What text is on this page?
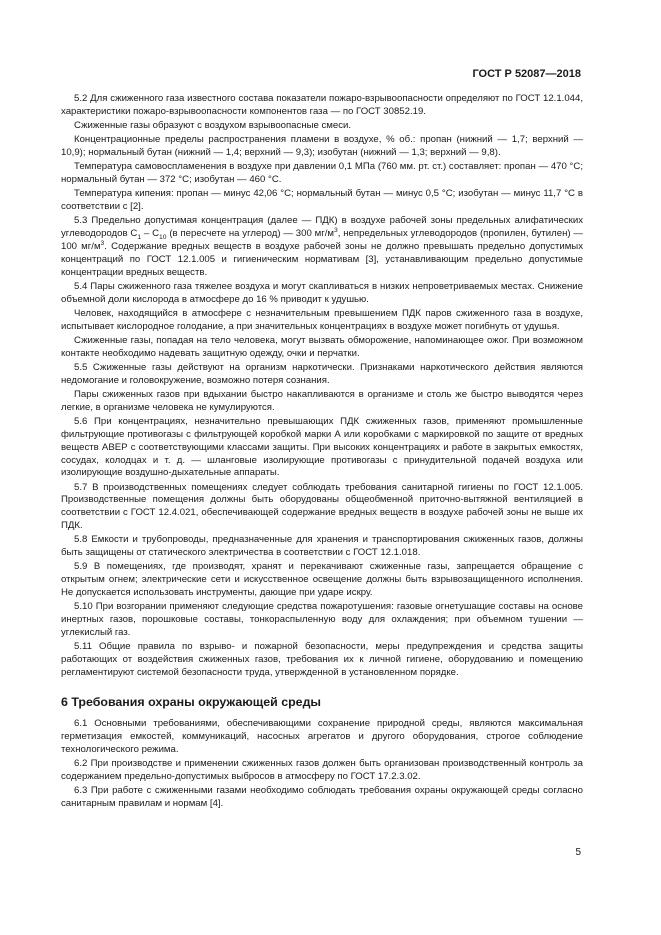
ГОСТ Р 52087—2018

5.2 Для сжиженного газа известного состава показатели пожаро-взрывоопасности определяют по ГОСТ 12.1.044, характеристики пожаро-взрывоопасности компонентов газа — по ГОСТ 30852.19.

Сжиженные газы образуют с воздухом взрывоопасные смеси.

Концентрационные пределы распространения пламени в воздухе, % об.: пропан (нижний — 1,7; верхний — 10,9); нормальный бутан (нижний — 1,4; верхний — 9,3); изобутан (нижний — 1,3; верхний — 9,8).

Температура самовоспламенения в воздухе при давлении 0,1 МПа (760 мм. рт. ст.) составляет: пропан — 470 °С; нормальный бутан — 372 °С; изобутан — 460 °С.

Температура кипения: пропан — минус 42,06 °С; нормальный бутан — минус 0,5 °С; изобутан — минус 11,7 °С в соответствии с [2].

5.3 Предельно допустимая концентрация (далее — ПДК) в воздухе рабочей зоны предельных алифатических углеводородов $С_1 - С_{10}$ (в пересчете на углерод) — 300 $мг/м^3$, непредельных углеводородов (пропилен, бутилен) — 100 $мг/м^3$. Содержание вредных веществ в воздухе рабочей зоны не должно превышать предельно допустимых концентраций по ГОСТ 12.1.005 и гигиеническим нормативам [3], устанавливающим предельно допустимые концентрации вредных веществ.

5.4 Пары сжиженного газа тяжелее воздуха и могут скапливаться в низких непроветриваемых местах. Снижение объемной доли кислорода в атмосфере до 16 % приводит к удушью.

Человек, находящийся в атмосфере с незначительным превышением ПДК паров сжиженного газа в воздухе, испытывает кислородное голодание, а при значительных концентрациях в воздухе может погибнуть от удушья.

Сжиженные газы, попадая на тело человека, могут вызвать обморожение, напоминающее ожог. При возможном контакте необходимо надевать защитную одежду, очки и перчатки.

5.5 Сжиженные газы действуют на организм наркотически. Признаками наркотического действия являются недомогание и головокружение, возможно потеря сознания.

Пары сжиженных газов при вдыхании быстро накапливаются в организме и столь же быстро выводятся через легкие, в организме человека не кумулируются.

5.6 При концентрациях, незначительно превышающих ПДК сжиженных газов, применяют промышленные фильтрующие противогазы с фильтрующей коробкой марки А или коробками с маркировкой по защите от вредных веществ АВЕР с соответствующими классами защиты. При высоких концентрациях и работе в закрытых емкостях, сосудах, колодцах и т. д. — шланговые изолирующие противогазы с принудительной подачей воздуха или изолирующие воздушно-дыхательные аппараты.

5.7 В производственных помещениях следует соблюдать требования санитарной гигиены по ГОСТ 12.1.005. Производственные помещения должны быть оборудованы общеобменной приточно-вытяжной вентиляцией в соответствии с ГОСТ 12.4.021, обеспечивающей содержание вредных веществ в воздухе рабочей зоны не выше их ПДК.

5.8 Емкости и трубопроводы, предназначенные для хранения и транспортирования сжиженных газов, должны быть защищены от статического электричества в соответствии с ГОСТ 12.1.018.

5.9 В помещениях, где производят, хранят и перекачивают сжиженные газы, запрещается обращение с открытым огнем; электрические сети и искусственное освещение должны быть взрывозащищенного исполнения. Не допускается использовать инструменты, дающие при ударе искру.

5.10 При возгорании применяют следующие средства пожаротушения: газовые огнетушащие составы на основе инертных газов, порошковые составы, тонкораспыленную воду для охлаждения; при объемном тушении — углекислый газ.

5.11 Общие правила по взрыво- и пожарной безопасности, меры предупреждения и средства защиты работающих от воздействия сжиженных газов, требования их к личной гигиене, оборудованию и помещению регламентируют системой безопасности труда, утвержденной в установленном порядке.

6 Требования охраны окружающей среды

6.1 Основными требованиями, обеспечивающими сохранение природной среды, являются максимальная герметизация емкостей, коммуникаций, насосных агрегатов и другого оборудования, строгое соблюдение технологического режима.

6.2 При производстве и применении сжиженных газов должен быть организован производственный контроль за содержанием предельно-допустимых выбросов в атмосферу по ГОСТ 17.2.3.02.

6.3 При работе с сжиженными газами необходимо соблюдать требования охраны окружающей среды согласно санитарным правилам и нормам [4].

5
